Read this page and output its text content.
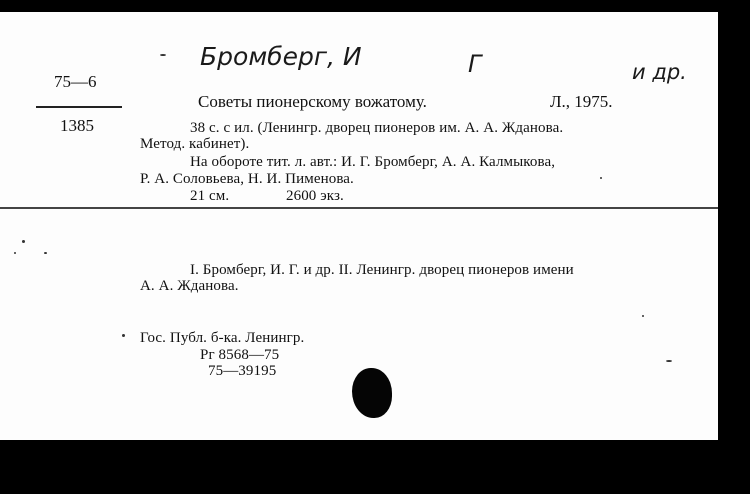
Бромберг, И	Г	и др.
75—6
1385
Советы пионерскому вожатому.	Л., 1975.
38 с. с ил. (Ленингр. дворец пионеров им. А. А. Жданова.
Метод. кабинет).
На обороте тит. л. авт.: И. Г. Бромберг, А. А. Калмыкова,
Р. А. Соловьева, Н. И. Пименова.
21 см.	2600 экз.
I. Бромберг, И. Г. и др. II. Ленингр. дворец пионеров имени
А. А. Жданова.
Гос. Публ. б-ка. Ленингр.
Рг 8568—75
75—39195
